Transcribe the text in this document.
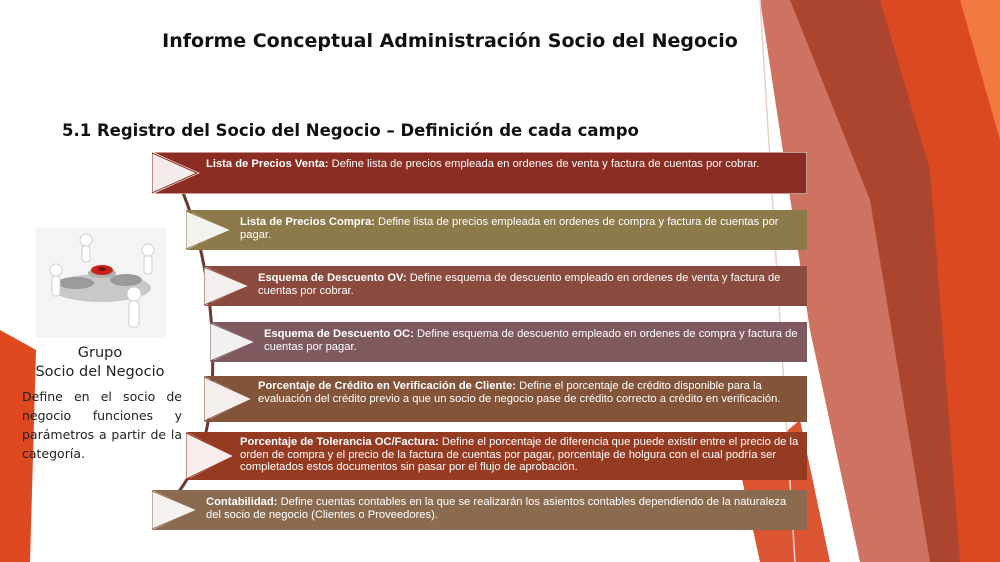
Informe Conceptual Administración Socio del Negocio
5.1 Registro del Socio del Negocio – Definición de cada campo
Grupo
Socio del Negocio
Define en el socio de negocio funciones y parámetros a partir de la categoría.
Lista de Precios Venta: Define lista de precios empleada en ordenes de venta y factura de cuentas por cobrar.
Lista de Precios Compra: Define lista de precios empleada en ordenes de compra y factura de cuentas por pagar.
Esquema de Descuento OV: Define esquema de descuento empleado en ordenes de venta y factura de cuentas por cobrar.
Esquema de Descuento OC: Define esquema de descuento empleado en ordenes de compra y factura de cuentas por pagar.
Porcentaje de Crédito en Verificación de Cliente: Define el porcentaje de crédito disponible para la evaluación del crédito previo a que un socio de negocio pase de crédito correcto a crédito en verificación.
Porcentaje de Tolerancia OC/Factura: Define el porcentaje de diferencia que puede existir entre el precio de la orden de compra y el precio de la factura de cuentas por pagar, porcentaje de holgura con el cual podría ser completados estos documentos sin pasar por el flujo de aprobación.
Contabilidad: Define cuentas contables en la que se realizarán los asientos contables dependiendo de la naturaleza del socio de negocio (Clientes o Proveedores).
